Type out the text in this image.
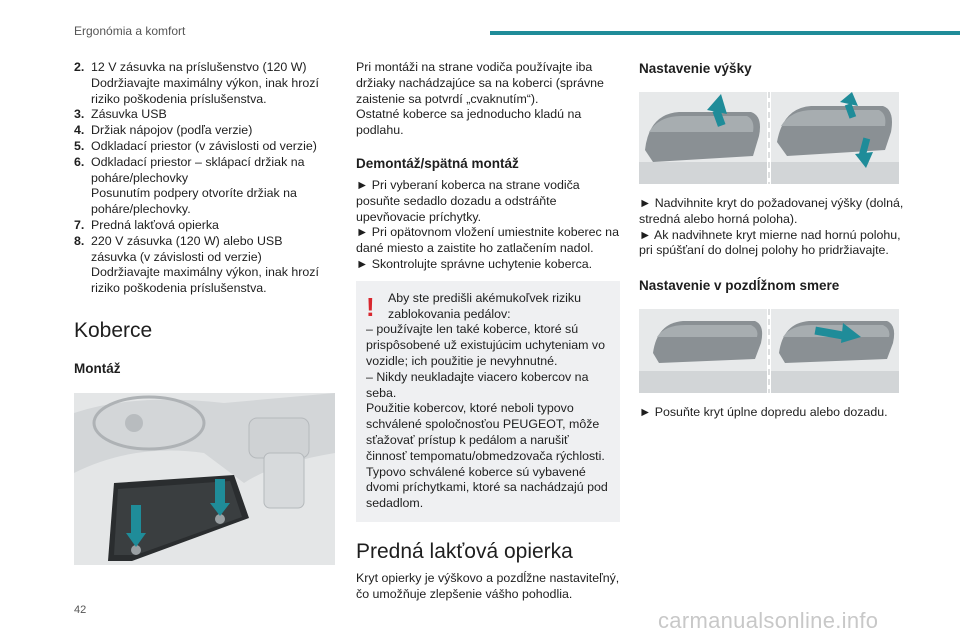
Ergonómia a komfort
2. 12 V zásuvka na príslušenstvo (120 W)
Dodržiavajte maximálny výkon, inak hrozí riziko poškodenia príslušenstva.
3. Zásuvka USB
4. Držiak nápojov (podľa verzie)
5. Odkladací priestor (v závislosti od verzie)
6. Odkladací priestor – sklápací držiak na poháre/plechovky
Posunutím podpery otvoríte držiak na poháre/plechovky.
7. Predná lakťová opierka
8. 220 V zásuvka (120 W) alebo USB
zásuvka (v závislosti od verzie)
Dodržiavajte maximálny výkon, inak hrozí riziko poškodenia príslušenstva.
Koberce
Montáž

Pri montáži na strane vodiča používajte iba držiaky nachádzajúce sa na koberci (správne zaistenie sa potvrdí „cvaknutím“).
Ostatné koberce sa jednoducho kladú na podlahu.

Demontáž/spätná montáž
► Pri vyberaní koberca na strane vodiča posuňte sedadlo dozadu a odstráňte upevňovacie príchytky.
► Pri opätovnom vložení umiestnite koberec na dané miesto a zaistite ho zatlačením nadol.
► Skontrolujte správne uchytenie koberca.
!	Aby ste predišli akémukoľvek riziku zablokovania pedálov:
– používajte len také koberce, ktoré sú prispôsobené už existujúcim uchyteniam vo vozidle; ich použitie je nevyhnutné.
– Nikdy neukladajte viacero kobercov na seba.
Použitie kobercov, ktoré neboli typovo schválené spoločnosťou PEUGEOT, môže sťažovať prístup k pedálom a narušiť činnosť tempomatu/obmedzovača rýchlosti.
Typovo schválené koberce sú vybavené dvomi príchytkami, ktoré sa nachádzajú pod sedadlom.
Predná lakťová opierka

Kryt opierky je výškovo a pozdĺžne nastaviteľný, čo umožňuje zlepšenie vášho pohodlia.

Nastavenie výšky
► Nadvihnite kryt do požadovanej výšky (dolná, stredná alebo horná poloha).
► Ak nadvihnete kryt mierne nad hornú polohu, pri spúšťaní do dolnej polohy ho pridržiavajte.
Nastavenie v pozdĺžnom smere
► Posuňte kryt úplne dopredu alebo dozadu.
42	carmanualsonline.info
